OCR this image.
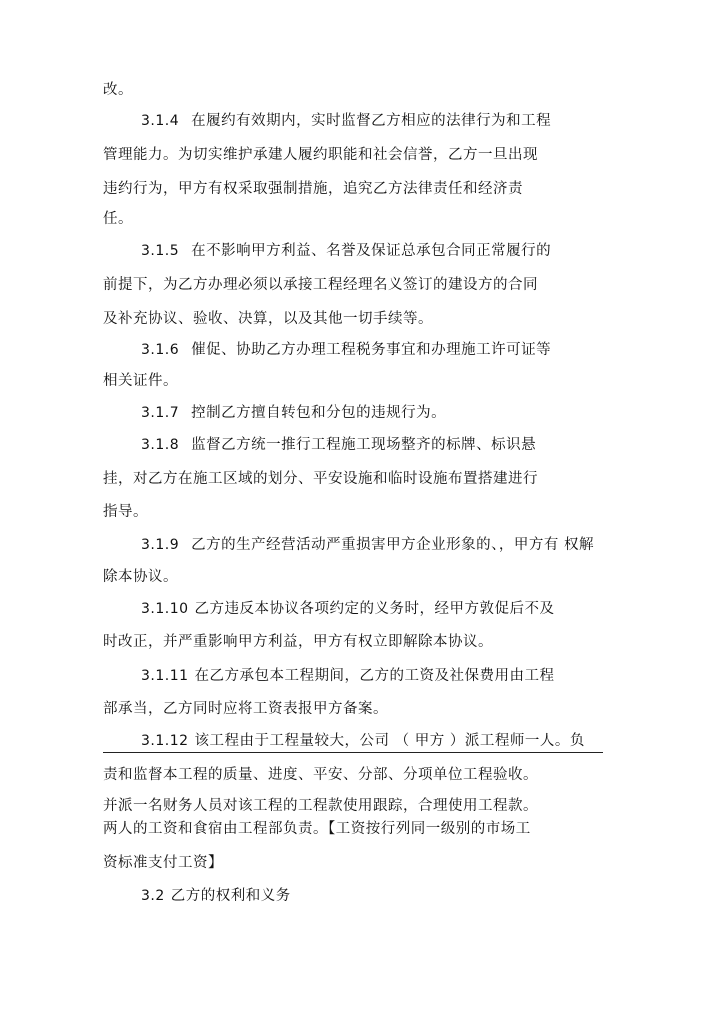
改。
3.1.4 在履约有效期内，实时监督乙方相应的法律行为和工程
管理能力。为切实维护承建人履约职能和社会信誉，乙方一旦出现
违约行为，甲方有权采取强制措施，追究乙方法律责任和经济责
任。
3.1.5 在不影响甲方利益、名誉及保证总承包合同正常履行的
前提下，为乙方办理必须以承接工程经理名义签订的建设方的合同
及补充协议、验收、决算，以及其他一切手续等。
3.1.6 催促、协助乙方办理工程税务事宜和办理施工许可证等
相关证件。
3.1.7 控制乙方擅自转包和分包的违规行为。
3.1.8 监督乙方统一推行工程施工现场整齐的标牌、标识悬
挂，对乙方在施工区域的划分、平安设施和临时设施布置搭建进行
指导。
3.1.9 乙方的生产经营活动严重损害甲方企业形象的、，甲方有 权解
除本协议。
3.1.10 乙方违反本协议各项约定的义务时，经甲方敦促后不及
时改正，并严重影响甲方利益，甲方有权立即解除本协议。
3.1.11 在乙方承包本工程期间，乙方的工资及社保费用由工程
部承当，乙方同时应将工资表报甲方备案。
3.1.12 该工程由于工程量较大，公司 （ 甲方 ）派工程师一人。负
责和监督本工程的质量、进度、平安、分部、分项单位工程验收。
并派一名财务人员对该工程的工程款使用跟踪，合理使用工程款。
两人的工资和食宿由工程部负责。【工资按行列同一级别的市场工
资标准支付工资】
3.2 乙方的权利和义务
